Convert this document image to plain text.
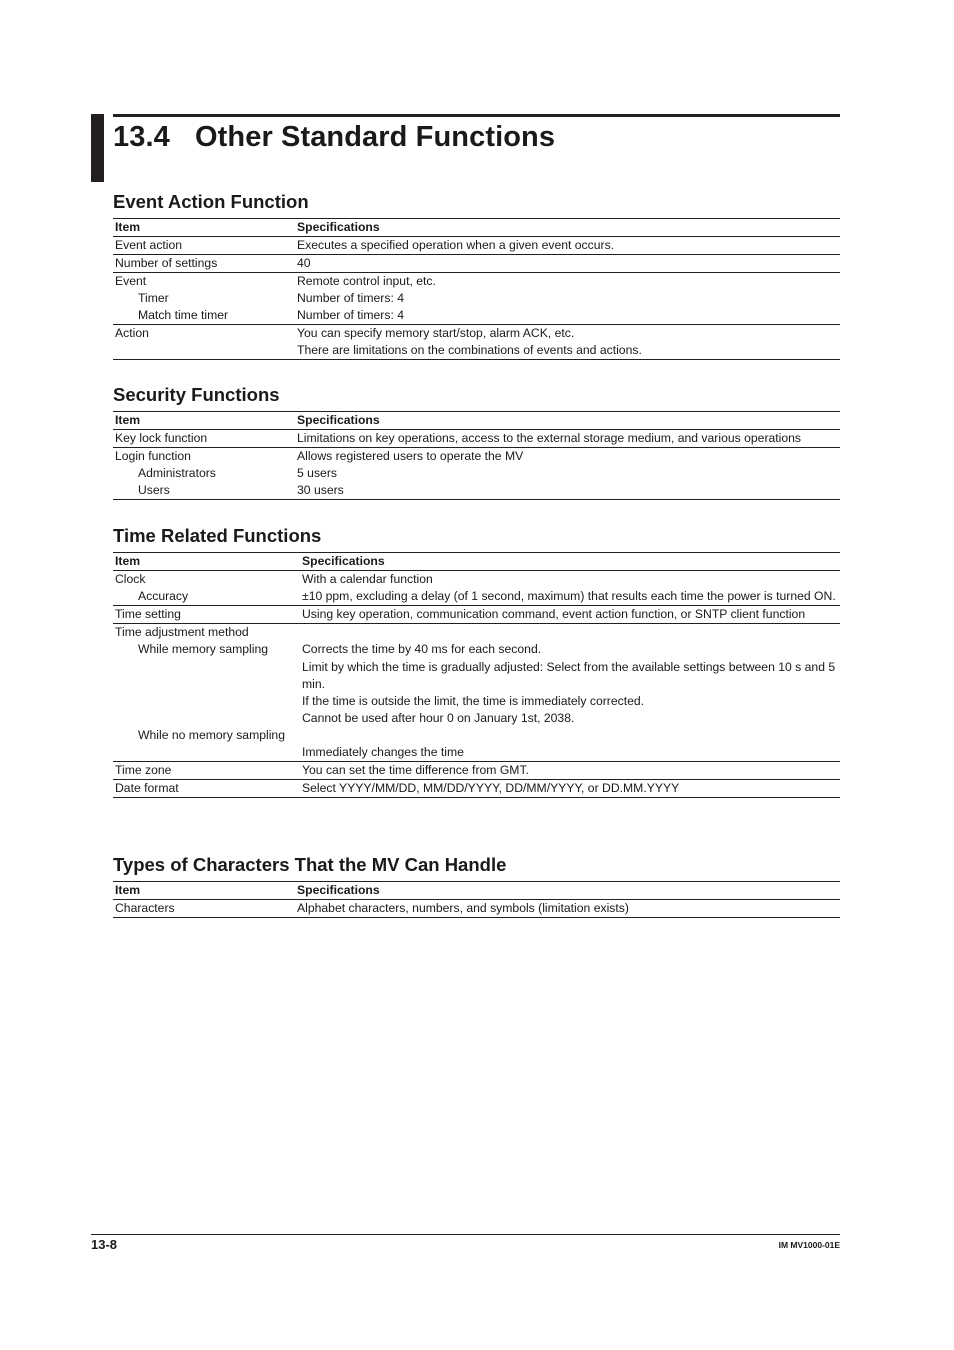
13.4 Other Standard Functions
Event Action Function
Item	Specifications
Event action	Executes a specified operation when a given event occurs.
Number of settings	40
Event	Remote control input, etc.
Timer	Number of timers: 4
Match time timer	Number of timers: 4
Action	You can specify memory start/stop, alarm ACK, etc.
	There are limitations on the combinations of events and actions.
Security Functions
Item	Specifications
Key lock function	Limitations on key operations, access to the external storage medium, and various operations
Login function	Allows registered users to operate the MV
Administrators	5 users
Users	30 users
Time Related Functions
Item	Specifications
Clock	With a calendar function
Accuracy	±10 ppm, excluding a delay (of 1 second, maximum) that results each time the power is turned ON.
Time setting	Using key operation, communication command, event action function, or SNTP client function
Time adjustment method	
While memory sampling	Corrects the time by 40 ms for each second.
	Limit by which the time is gradually adjusted: Select from the available settings between 10 s and 5 min.
	If the time is outside the limit, the time is immediately corrected.
	Cannot be used after hour 0 on January 1st, 2038.
While no memory sampling	
	Immediately changes the time
Time zone	You can set the time difference from GMT.
Date format	Select YYYY/MM/DD, MM/DD/YYYY, DD/MM/YYYY, or DD.MM.YYYY
Types of Characters That the MV Can Handle
Item	Specifications
Characters	Alphabet characters, numbers, and symbols (limitation exists)
13-8	IM MV1000-01E
